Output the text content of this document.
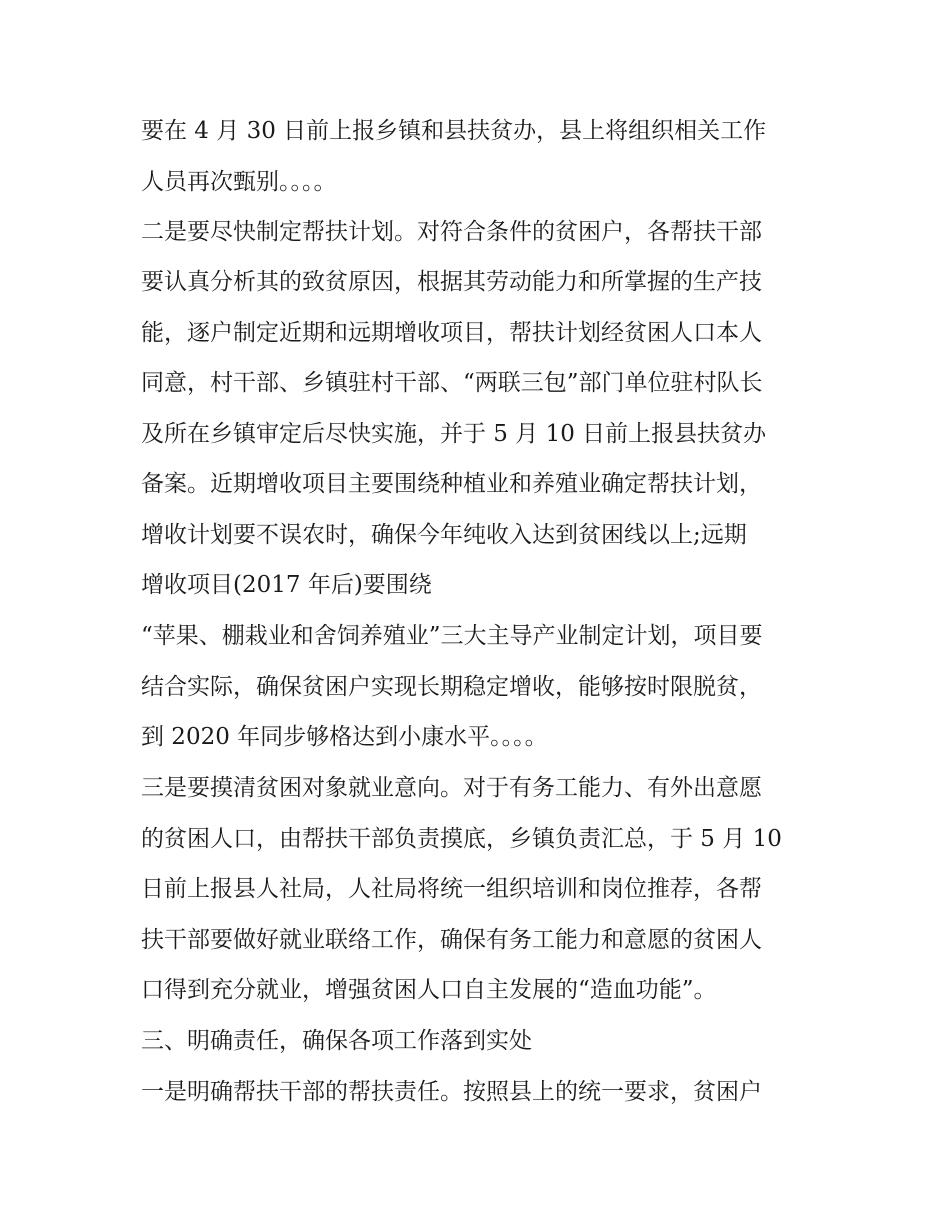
要在 4 月 30 日前上报乡镇和县扶贫办，县上将组织相关工作
人员再次甄别。。。。
二是要尽快制定帮扶计划。对符合条件的贫困户，各帮扶干部
要认真分析其的致贫原因，根据其劳动能力和所掌握的生产技
能，逐户制定近期和远期增收项目，帮扶计划经贫困人口本人
同意，村干部、乡镇驻村干部、“两联三包”部门单位驻村队长
及所在乡镇审定后尽快实施，并于 5 月 10 日前上报县扶贫办
备案。近期增收项目主要围绕种植业和养殖业确定帮扶计划，
增收计划要不误农时，确保今年纯收入达到贫困线以上;远期
增收项目(2017 年后)要围绕
“苹果、棚栽业和舍饲养殖业”三大主导产业制定计划，项目要
结合实际，确保贫困户实现长期稳定增收，能够按时限脱贫，
到 2020 年同步够格达到小康水平。。。。
三是要摸清贫困对象就业意向。对于有务工能力、有外出意愿
的贫困人口，由帮扶干部负责摸底，乡镇负责汇总，于 5 月 10
日前上报县人社局，人社局将统一组织培训和岗位推荐，各帮
扶干部要做好就业联络工作，确保有务工能力和意愿的贫困人
口得到充分就业，增强贫困人口自主发展的“造血功能”。
三、明确责任，确保各项工作落到实处
一是明确帮扶干部的帮扶责任。按照县上的统一要求，贫困户
